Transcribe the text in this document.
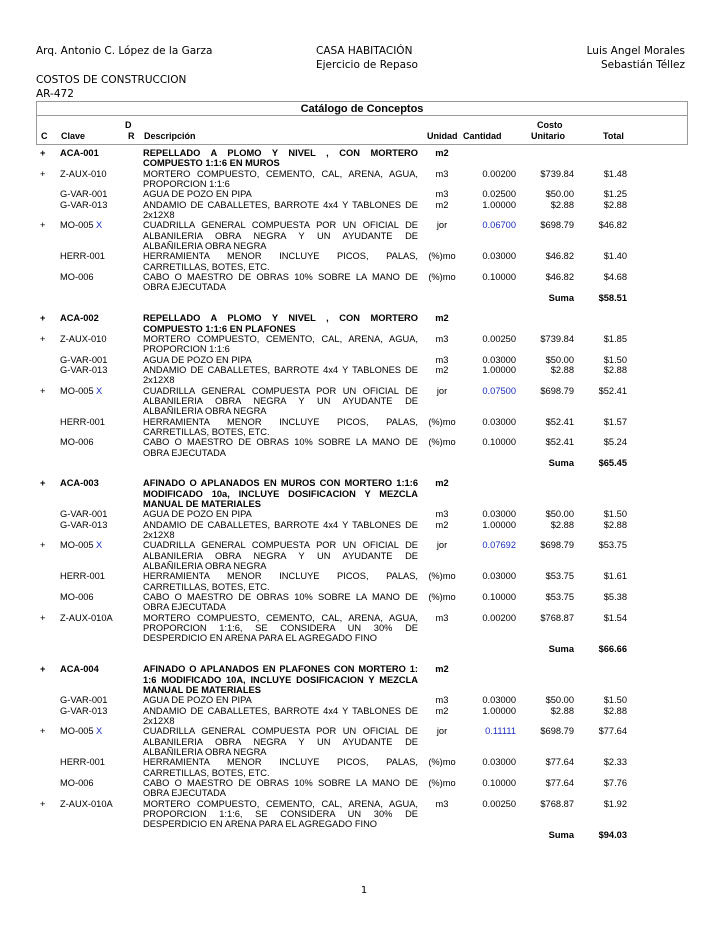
Arq. Antonio C. López de la Garza	CASA HABITACIÓN
Ejercicio de Repaso
Luis Angel Morales
Sebastián Téllez
COSTOS DE CONSTRUCCION
AR-472
Catálogo de Conceptos
C Clave
D
R Descripción	Unidad Cantidad
Costo
Unitario	Total
+ ACA-001	m2
REPELLADO A PLOMO Y NIVEL , CON MORTERO
COMPUESTO 1:1:6 EN MUROS
+ Z-AUX-010	m3	0.00200	$739.84	$1.48
MORTERO COMPUESTO, CEMENTO, CAL, ARENA, AGUA,
PROPORCION 1:1:6
G-VAR-001	m3	0.02500	$50.00	$1.25
AGUA DE POZO EN PIPA
G-VAR-013	m2	1.00000	$2.88	$2.88
ANDAMIO DE CABALLETES, BARROTE 4x4 Y TABLONES DE
2x12X8
+ MO-005 X	jor	0.06700	$698.79	$46.82
CUADRILLA GENERAL COMPUESTA POR UN OFICIAL DE
ALBANILERIA OBRA NEGRA Y UN AYUDANTE DE
ALBAÑILERIA OBRA NEGRA
HERR-001	(%)mo	0.03000	$46.82	$1.40
HERRAMIENTA MENOR INCLUYE PICOS, PALAS,
CARRETILLAS, BOTES, ETC.
MO-006	(%)mo	0.10000	$46.82	$4.68
CABO O MAESTRO DE OBRAS 10% SOBRE LA MANO DE
OBRA EJECUTADA
Suma	$58.51
+ ACA-002	m2
REPELLADO A PLOMO Y NIVEL , CON MORTERO
COMPUESTO 1:1:6 EN PLAFONES
+ Z-AUX-010	m3	0.00250	$739.84	$1.85
MORTERO COMPUESTO, CEMENTO, CAL, ARENA, AGUA,
PROPORCION 1:1:6
G-VAR-001	m3	0.03000	$50.00	$1.50
AGUA DE POZO EN PIPA
G-VAR-013	m2	1.00000	$2.88	$2.88
ANDAMIO DE CABALLETES, BARROTE 4x4 Y TABLONES DE
2x12X8
+ MO-005 X	jor	0.07500	$698.79	$52.41
CUADRILLA GENERAL COMPUESTA POR UN OFICIAL DE
ALBANILERIA OBRA NEGRA Y UN AYUDANTE DE
ALBAÑILERIA OBRA NEGRA
HERR-001	(%)mo	0.03000	$52.41	$1.57
HERRAMIENTA MENOR INCLUYE PICOS, PALAS,
CARRETILLAS, BOTES, ETC.
MO-006	(%)mo	0.10000	$52.41	$5.24
CABO O MAESTRO DE OBRAS 10% SOBRE LA MANO DE
OBRA EJECUTADA
Suma	$65.45
+ ACA-003	m2
AFINADO O APLANADOS EN MUROS CON MORTERO 1:1:6
MODIFICADO 10a, INCLUYE DOSIFICACION Y MEZCLA
MANUAL DE MATERIALES
G-VAR-001	m3	0.03000	$50.00	$1.50
AGUA DE POZO EN PIPA
G-VAR-013	m2	1.00000	$2.88	$2.88
ANDAMIO DE CABALLETES, BARROTE 4x4 Y TABLONES DE
2x12X8
+ MO-005 X	jor	0.07692	$698.79	$53.75
CUADRILLA GENERAL COMPUESTA POR UN OFICIAL DE
ALBANILERIA OBRA NEGRA Y UN AYUDANTE DE
ALBAÑILERIA OBRA NEGRA
HERR-001	(%)mo	0.03000	$53.75	$1.61
HERRAMIENTA MENOR INCLUYE PICOS, PALAS,
CARRETILLAS, BOTES, ETC.
MO-006	(%)mo	0.10000	$53.75	$5.38
CABO O MAESTRO DE OBRAS 10% SOBRE LA MANO DE
OBRA EJECUTADA
+ Z-AUX-010A	m3	0.00200	$768.87	$1.54
MORTERO COMPUESTO, CEMENTO, CAL, ARENA, AGUA,
PROPORCION 1:1:6, SE CONSIDERA UN 30% DE
DESPERDICIO EN ARENA PARA EL AGREGADO FINO
Suma	$66.66
+ ACA-004	m2
AFINADO O APLANADOS EN PLAFONES CON MORTERO 1:
1:6 MODIFICADO 10A, INCLUYE DOSIFICACION Y MEZCLA
MANUAL DE MATERIALES
G-VAR-001	m3	0.03000	$50.00	$1.50
AGUA DE POZO EN PIPA
G-VAR-013	m2	1.00000	$2.88	$2.88
ANDAMIO DE CABALLETES, BARROTE 4x4 Y TABLONES DE
2x12X8
+ MO-005 X	jor	0.11111	$698.79	$77.64
CUADRILLA GENERAL COMPUESTA POR UN OFICIAL DE
ALBANILERIA OBRA NEGRA Y UN AYUDANTE DE
ALBAÑILERIA OBRA NEGRA
HERR-001	(%)mo	0.03000	$77.64	$2.33
HERRAMIENTA MENOR INCLUYE PICOS, PALAS,
CARRETILLAS, BOTES, ETC.
MO-006	(%)mo	0.10000	$77.64	$7.76
CABO O MAESTRO DE OBRAS 10% SOBRE LA MANO DE
OBRA EJECUTADA
+ Z-AUX-010A	m3	0.00250	$768.87	$1.92
MORTERO COMPUESTO, CEMENTO, CAL, ARENA, AGUA,
PROPORCION 1:1:6, SE CONSIDERA UN 30% DE
DESPERDICIO EN ARENA PARA EL AGREGADO FINO
Suma	$94.03
1
